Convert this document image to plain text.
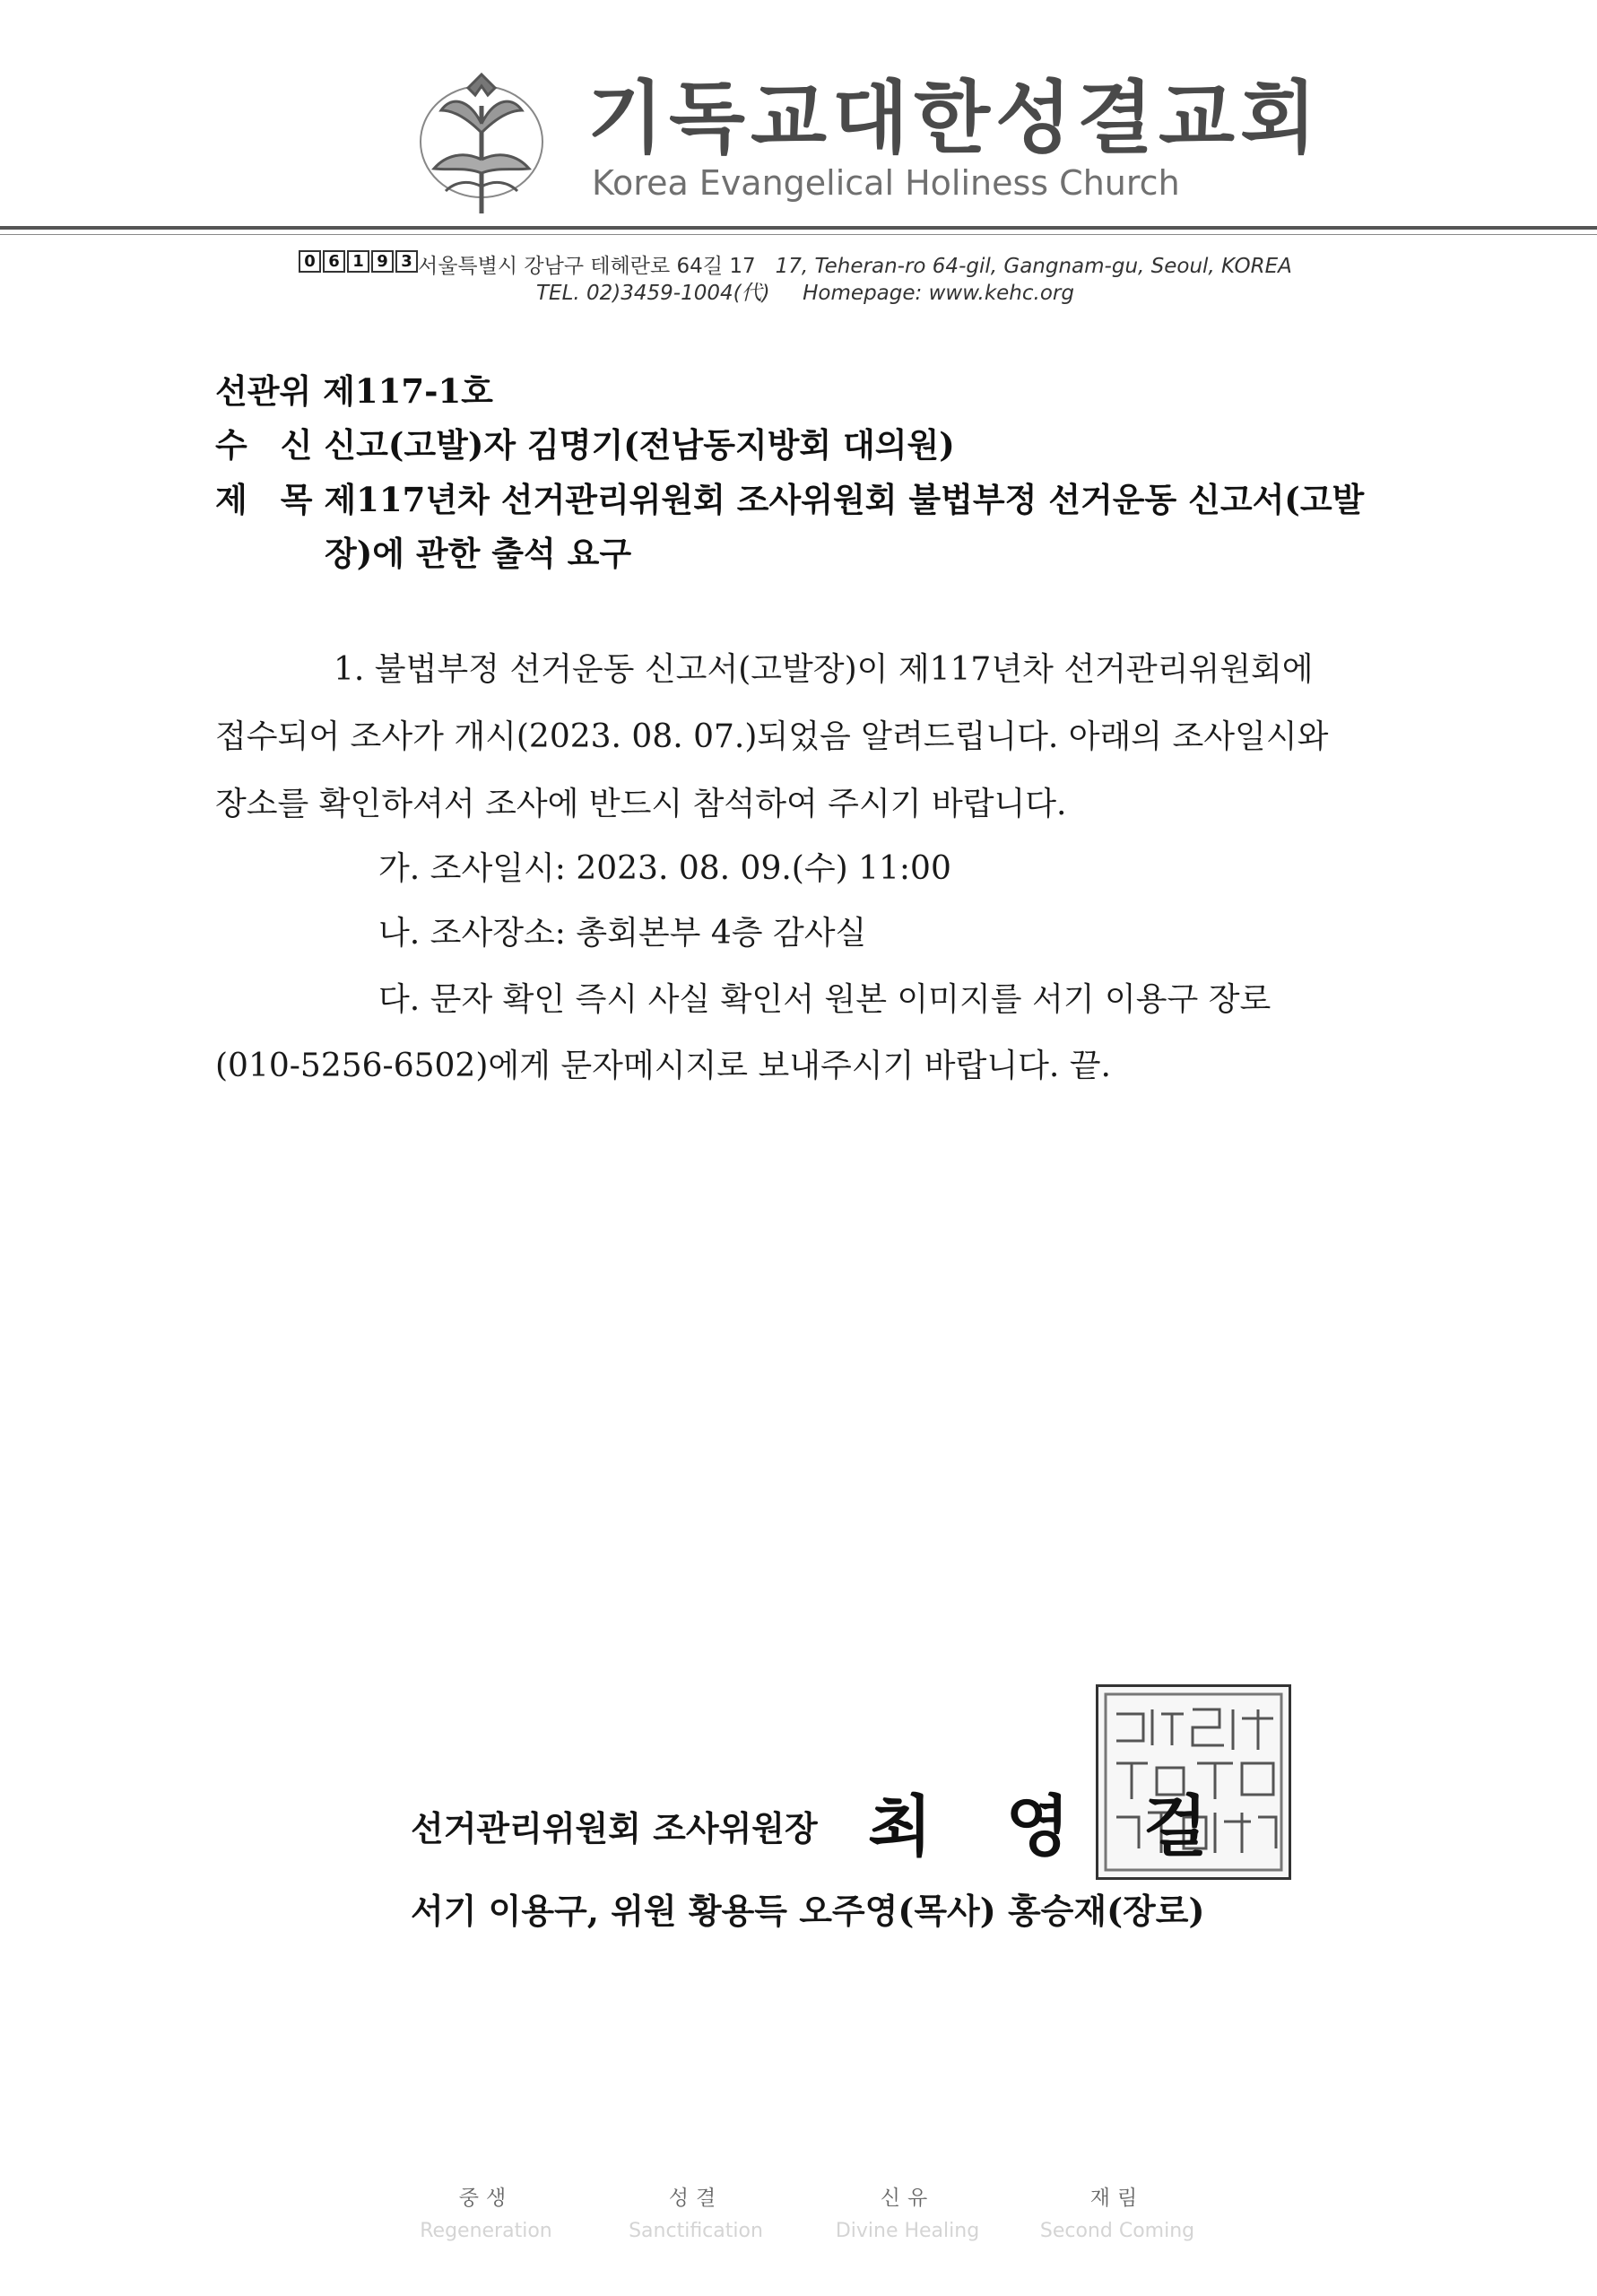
기독교대한성결교회
Korea Evangelical Holiness Church
0 6 1 9 3 서울특별시 강남구 테헤란로 64길 17 17, Teheran-ro 64-gil, Gangnam-gu, Seoul, KOREA
TEL. 02)3459-1004(代) Homepage: www.kehc.org
선관위 제117-1호
수　신 신고(고발)자 김명기(전남동지방회 대의원)
제　목 제117년차 선거관리위원회 조사위원회 불법부정 선거운동 신고서(고발
장)에 관한 출석 요구
1. 불법부정 선거운동 신고서(고발장)이 제117년차 선거관리위원회에
접수되어 조사가 개시(2023. 08. 07.)되었음 알려드립니다. 아래의 조사일시와
장소를 확인하셔서 조사에 반드시 참석하여 주시기 바랍니다.
가. 조사일시: 2023. 08. 09.(수) 11:00
나. 조사장소: 총회본부 4층 감사실
다. 문자 확인 즉시 사실 확인서 원본 이미지를 서기 이용구 장로
(010-5256-6502)에게 문자메시지로 보내주시기 바랍니다. 끝.
선거관리위원회 조사위원장 최영걸
서기 이용구, 위원 황용득 오주영(목사) 홍승재(장로)
중생
Regeneration
성결
Sanctification
신유
Divine Healing
재림
Second Coming
